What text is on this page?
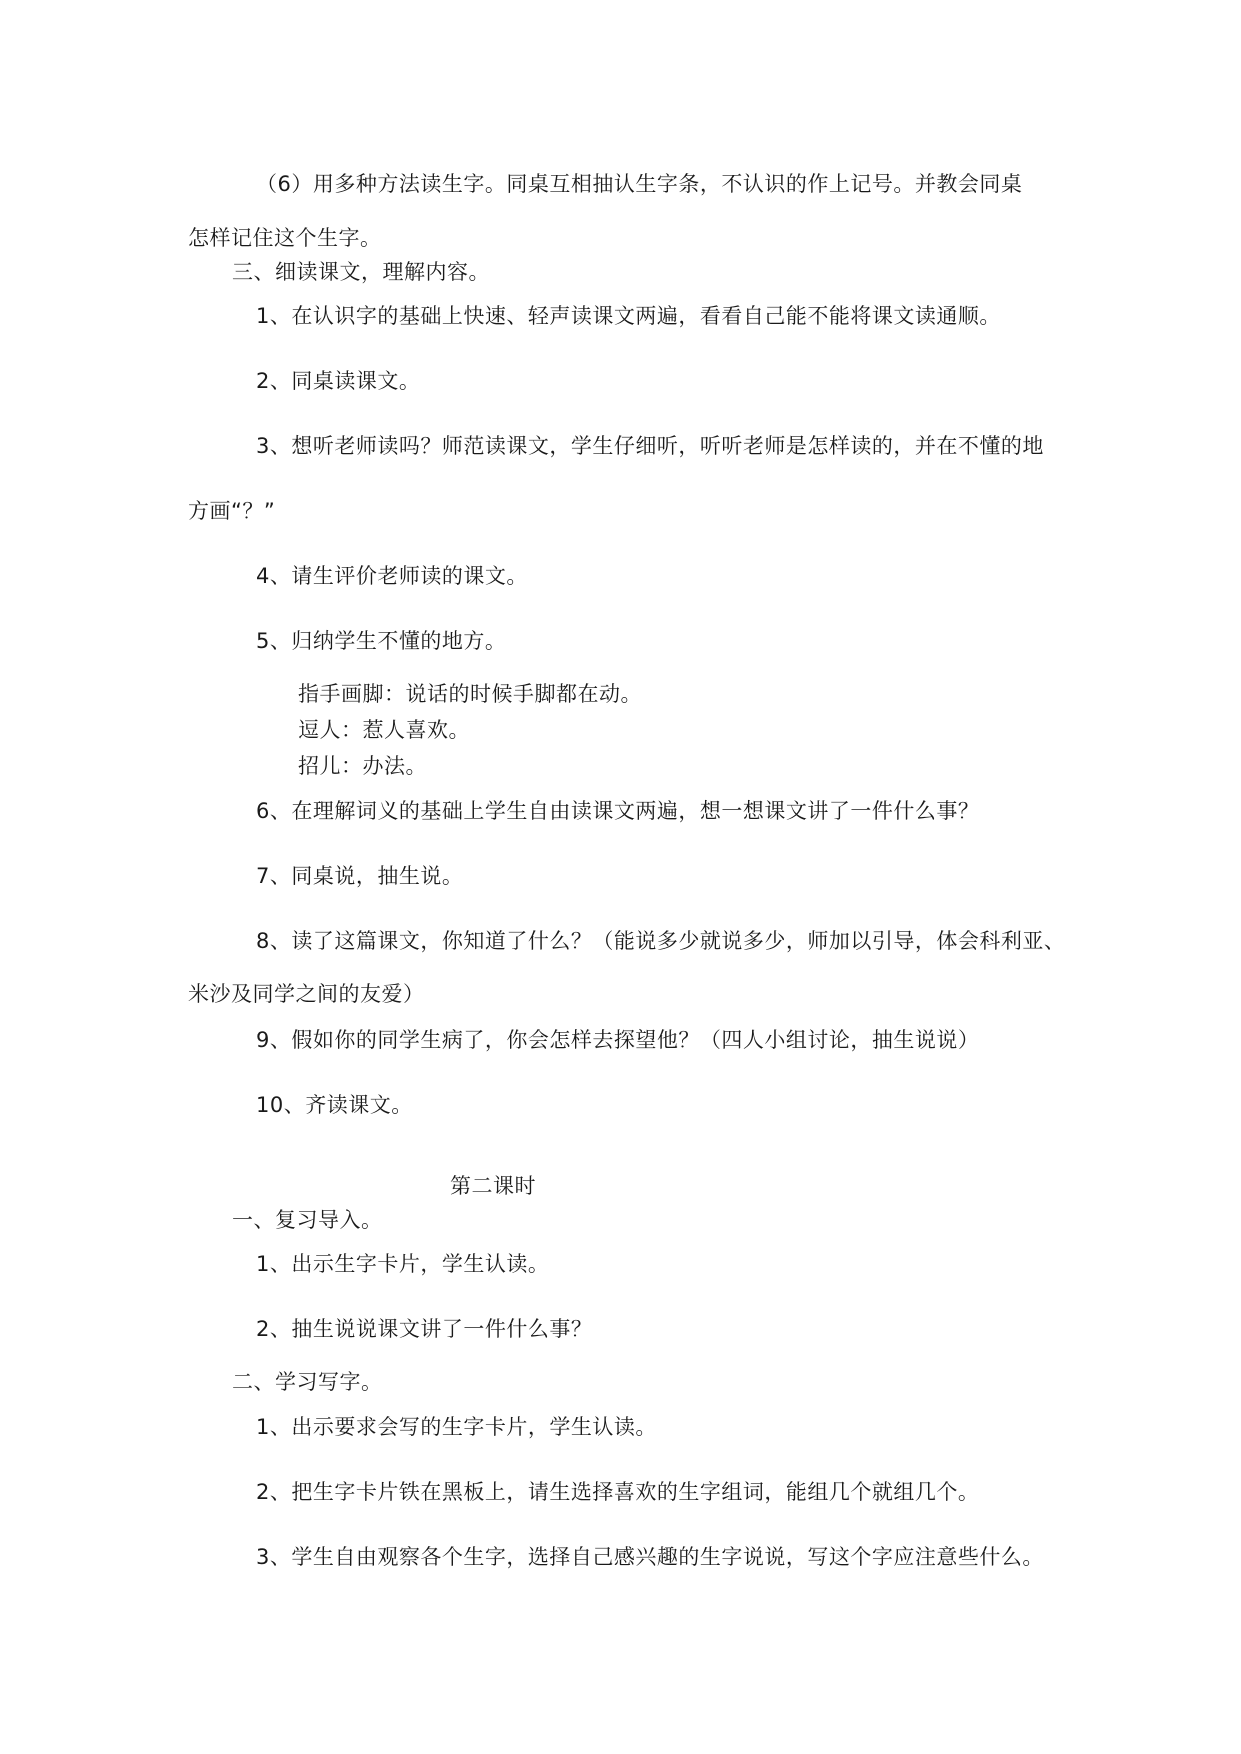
（6）用多种方法读生字。同桌互相抽认生字条，不认识的作上记号。并教会同桌
怎样记住这个生字。
三、细读课文，理解内容。
1、在认识字的基础上快速、轻声读课文两遍，看看自己能不能将课文读通顺。
2、同桌读课文。
3、想听老师读吗？师范读课文，学生仔细听，听听老师是怎样读的，并在不懂的地
方画“？”
4、请生评价老师读的课文。
5、归纳学生不懂的地方。
指手画脚：说话的时候手脚都在动。
逗人：惹人喜欢。
招儿：办法。
6、在理解词义的基础上学生自由读课文两遍，想一想课文讲了一件什么事？
7、同桌说，抽生说。
8、读了这篇课文，你知道了什么？（能说多少就说多少，师加以引导，体会科利亚、
米沙及同学之间的友爱）
9、假如你的同学生病了，你会怎样去探望他？（四人小组讨论，抽生说说）
10、齐读课文。
第二课时
一、复习导入。
1、出示生字卡片，学生认读。
2、抽生说说课文讲了一件什么事？
二、学习写字。
1、出示要求会写的生字卡片，学生认读。
2、把生字卡片铁在黑板上，请生选择喜欢的生字组词，能组几个就组几个。
3、学生自由观察各个生字，选择自己感兴趣的生字说说，写这个字应注意些什么。
